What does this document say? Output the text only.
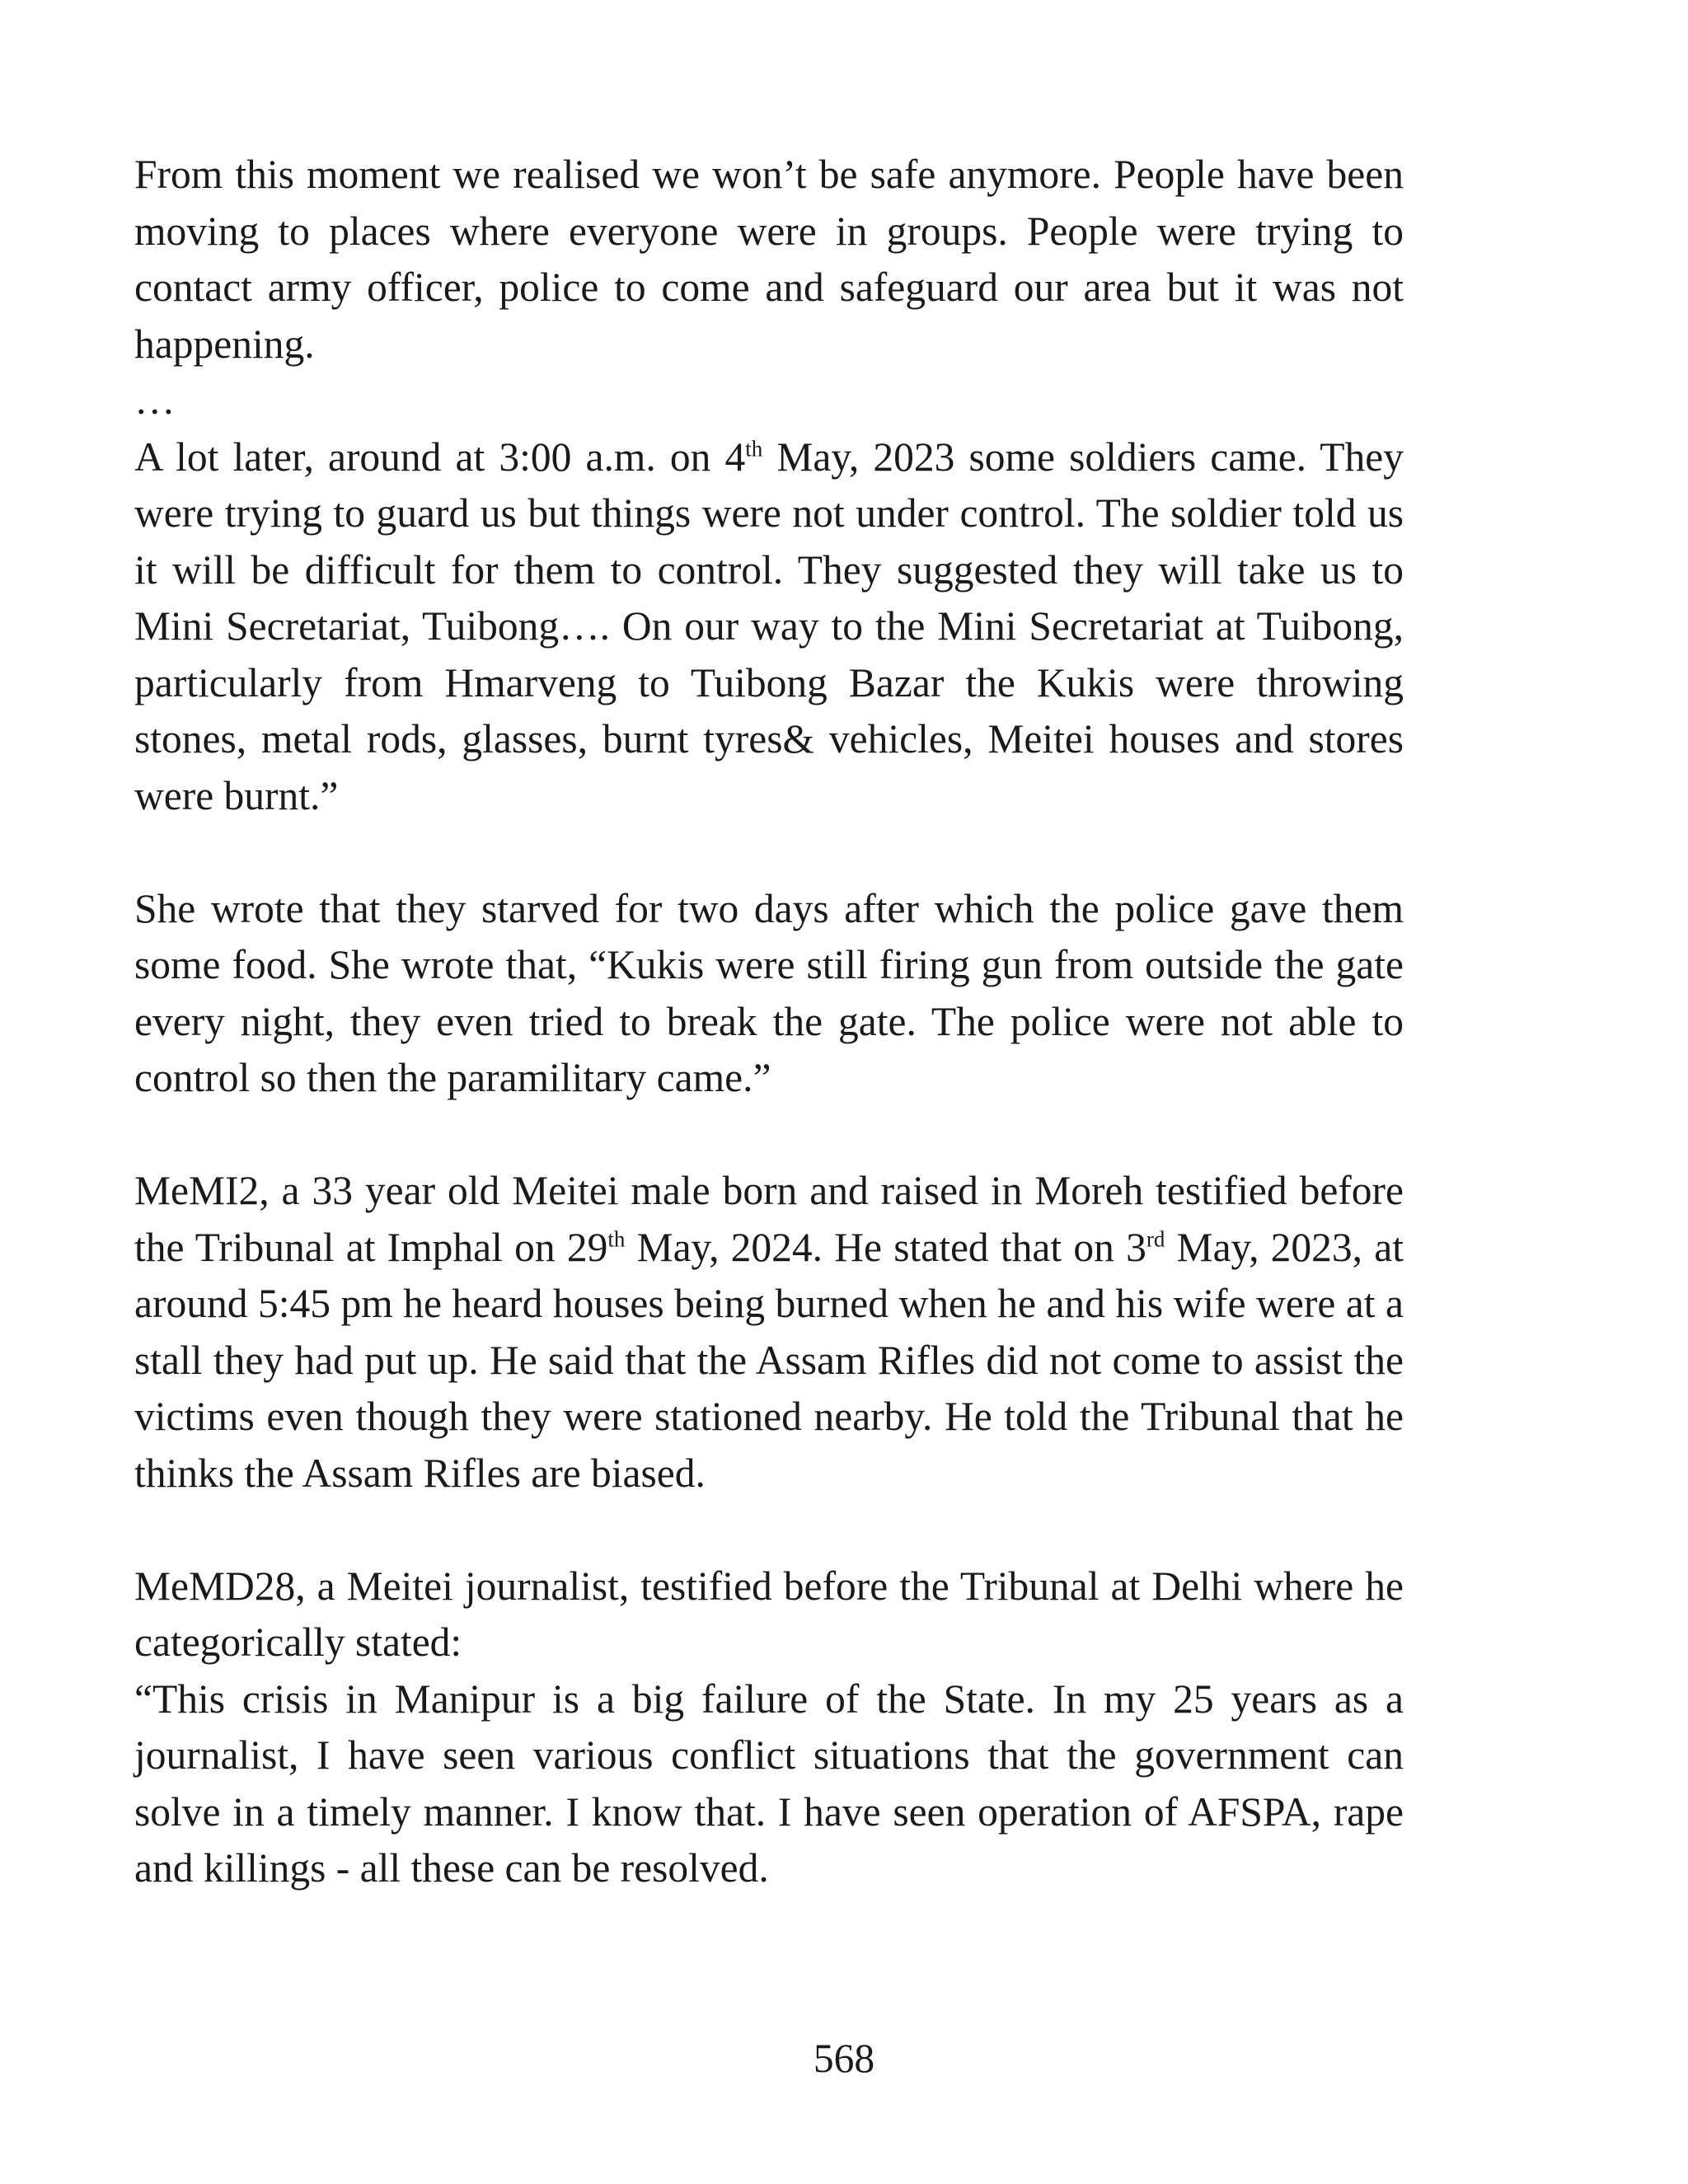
From this moment we realised we won’t be safe anymore. People have been moving to places where everyone were in groups. People were trying to contact army officer, police to come and safeguard our area but it was not happening.

…

A lot later, around at 3:00 a.m. on 4th May, 2023 some soldiers came. They were trying to guard us but things were not under control. The soldier told us it will be difficult for them to control. They suggested they will take us to Mini Secretariat, Tuibong…. On our way to the Mini Secretariat at Tuibong, particularly from Hmarveng to Tuibong Bazar the Kukis were throwing stones, metal rods, glasses, burnt tyres& vehicles, Meitei houses and stores were burnt.”

She wrote that they starved for two days after which the police gave them some food. She wrote that, “Kukis were still firing gun from outside the gate every night, they even tried to break the gate. The police were not able to control so then the paramilitary came.”

MeMI2, a 33 year old Meitei male born and raised in Moreh testified before the Tribunal at Imphal on 29th May, 2024. He stated that on 3rd May, 2023, at around 5:45 pm he heard houses being burned when he and his wife were at a stall they had put up. He said that the Assam Rifles did not come to assist the victims even though they were stationed nearby. He told the Tribunal that he thinks the Assam Rifles are biased.

MeMD28, a Meitei journalist, testified before the Tribunal at Delhi where he categorically stated:

“This crisis in Manipur is a big failure of the State. In my 25 years as a journalist, I have seen various conflict situations that the government can solve in a timely manner. I know that. I have seen operation of AFSPA, rape and killings - all these can be resolved.

568
